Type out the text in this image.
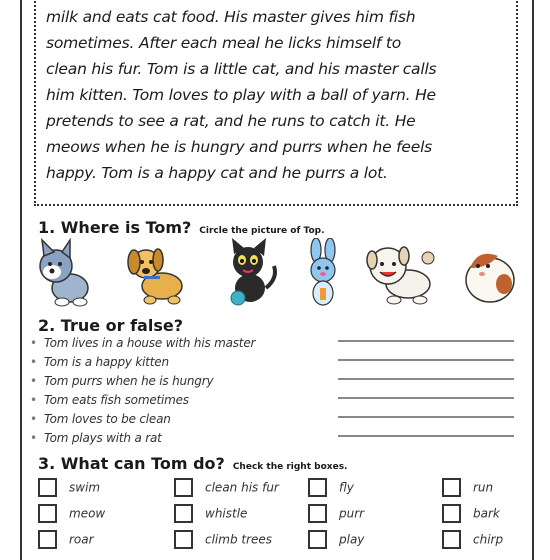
milk and eats cat food. His master gives him fish
sometimes. After each meal he licks himself to
clean his fur. Tom is a little cat, and his master calls
him kitten. Tom loves to play with a ball of yarn. He
pretends to see a rat, and he runs to catch it. He
meows when he is hungry and purrs when he feels
happy. Tom is a happy cat and he purrs a lot.
1. Where is Tom? Circle the picture of Top.
2. True or false?
• Tom lives in a house with his master
• Tom is a happy kitten
• Tom purrs when he is hungry
• Tom eats fish sometimes
• Tom loves to be clean
• Tom plays with a rat
3. What can Tom do? Check the right boxes.
swim	clean his fur	fly	run
meow	whistle	purr	bark
roar	climb trees	play	chirp
